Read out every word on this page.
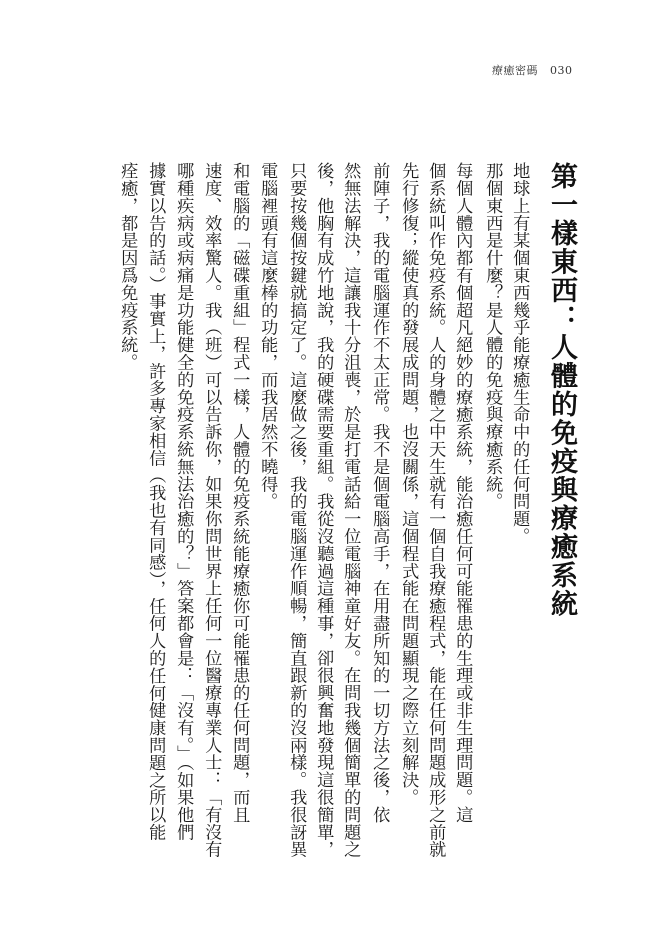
療癒密碼 030
第一樣東西：人體的免疫與療癒系統
地球上有某個東西幾乎能療癒生命中的任何問題。
那個東西是什麼？是人體的免疫與療癒系統。
每個人體內都有個超凡絕妙的療癒系統，能治癒任何可能罹患的生理或非生理問題。這
個系統叫作免疫系統。人的身體之中天生就有一個自我療癒程式，能在任何問題成形之前就
先行修復；縱使真的發展成問題，也沒關係，這個程式能在問題顯現之際立刻解決。
前陣子，我的電腦運作不太正常。我不是個電腦高手，在用盡所知的一切方法之後，依
然無法解決，這讓我十分沮喪，於是打電話給一位電腦神童好友。在問我幾個簡單的問題之
後，他胸有成竹地說，我的硬碟需要重組。我從沒聽過這種事，卻很興奮地發現這很簡單，
只要按幾個按鍵就搞定了。這麼做之後，我的電腦運作順暢，簡直跟新的沒兩樣。我很訝異
電腦裡頭有這麼棒的功能，而我居然不曉得。
和電腦的「磁碟重組」程式一樣，人體的免疫系統能療癒你可能罹患的任何問題，而且
速度、效率驚人。我（班）可以告訴你，如果你問世界上任何一位醫療專業人士：「有沒有
哪種疾病或病痛是功能健全的免疫系統無法治癒的？」答案都會是：「沒有。」（如果他們
據實以告的話。）事實上，許多專家相信（我也有同感），任何人的任何健康問題之所以能
痊癒，都是因爲免疫系統。
